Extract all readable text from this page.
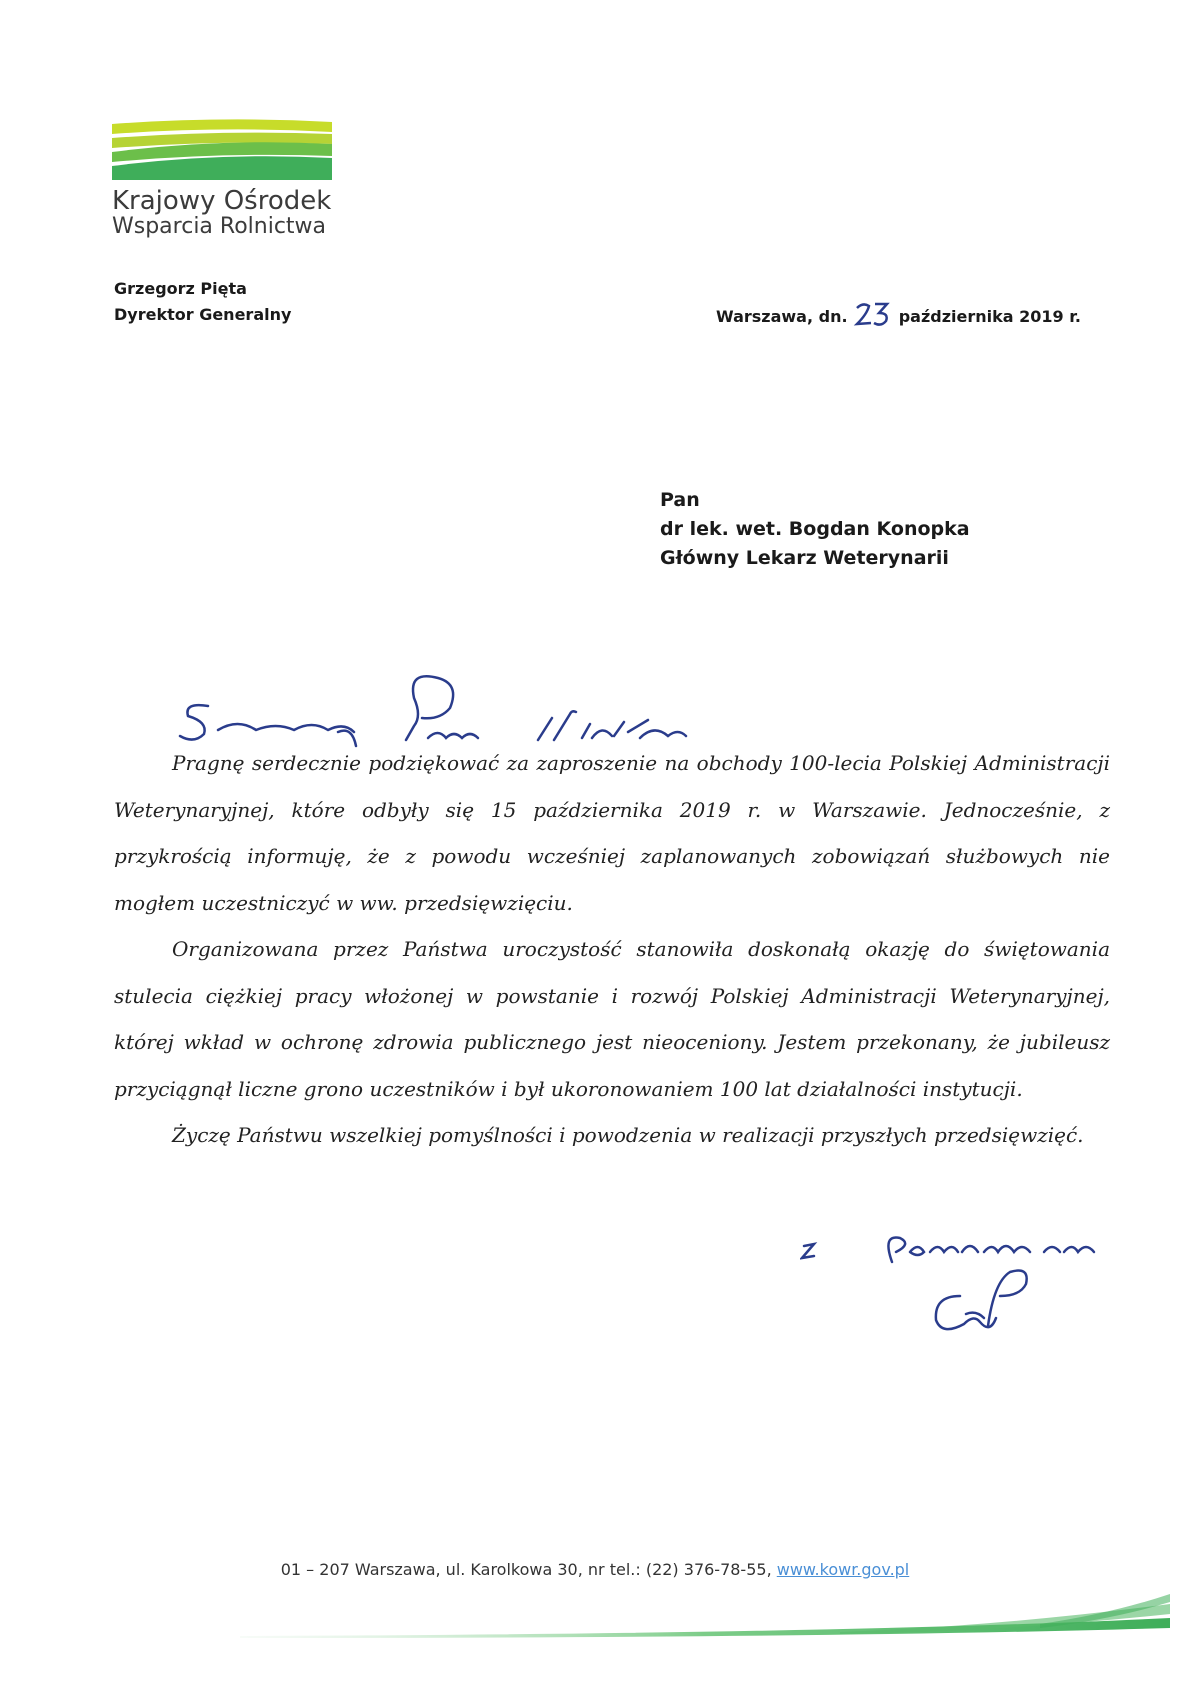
Krajowy Ośrodek
Wsparcia Rolnictwa
Grzegorz Pięta
Dyrektor Generalny	Warszawa, dn.	października 2019 r.
Pan
dr lek. wet. Bogdan Konopka
Główny Lekarz Weterynarii

Pragnę serdecznie podziękować za zaproszenie na obchody 100-lecia Polskiej Administracji Weterynaryjnej, które odbyły się 15 października 2019 r. w Warszawie. Jednocześnie, z przykrością informuję, że z powodu wcześniej zaplanowanych zobowiązań służbowych nie mogłem uczestniczyć w ww. przedsięwzięciu.

Organizowana przez Państwa uroczystość stanowiła doskonałą okazję do świętowania stulecia ciężkiej pracy włożonej w powstanie i rozwój Polskiej Administracji Weterynaryjnej, której wkład w ochronę zdrowia publicznego jest nieoceniony. Jestem przekonany, że jubileusz przyciągnął liczne grono uczestników i był ukoronowaniem 100 lat działalności instytucji.

Życzę Państwu wszelkiej pomyślności i powodzenia w realizacji przyszłych przedsięwzięć.

01 – 207 Warszawa, ul. Karolkowa 30, nr tel.: (22) 376-78-55, www.kowr.gov.pl
